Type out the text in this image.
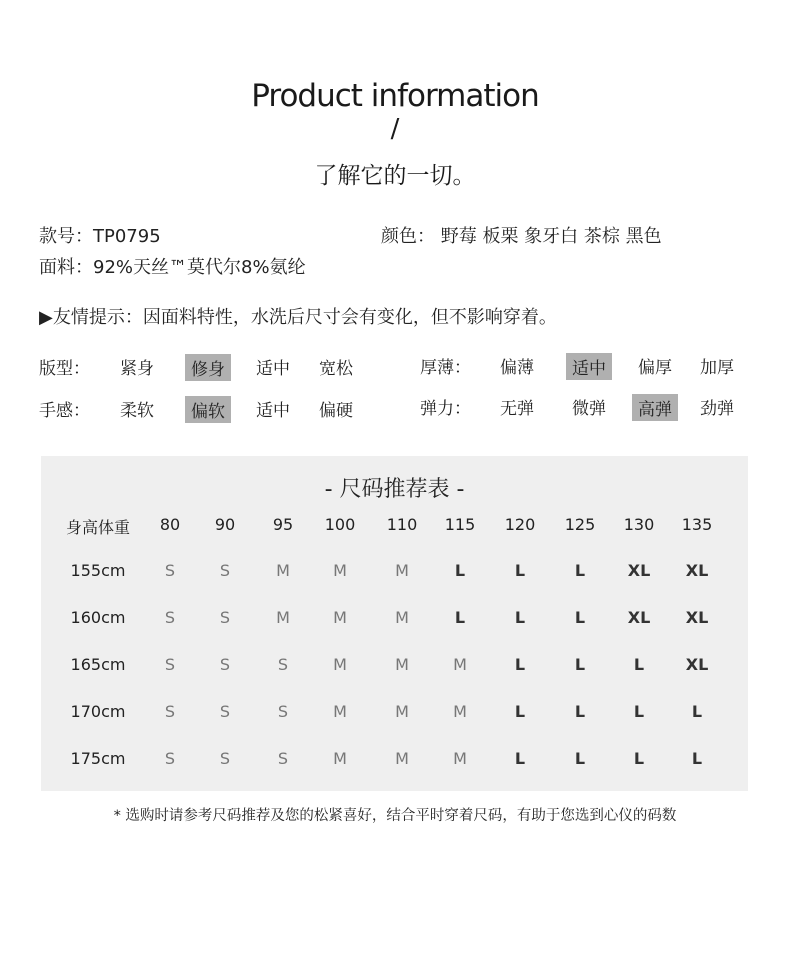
Product information
/
了解它的一切。
款号：TP0795	颜色： 野莓 板栗 象牙白 茶棕 黑色
面料：92%天丝™莫代尔8%氨纶
▶友情提示：因面料特性，水洗后尺寸会有变化，但不影响穿着。
版型： 紧身	修身	适中 宽松	厚薄： 偏薄	适中	偏厚 加厚
手感： 柔软	偏软	适中 偏硬	弹力： 无弹 微弹	高弹	劲弹
- 尺码推荐表 -
身高体重 80 90 95 100 110 115 120 125 130 135
155cm S	S	M	M	M	L	L	L	XL XL
160cm S	S	M	M	M	L	L	L	XL XL
165cm S	S	S	M	M	M	L	L	L	XL
170cm S	S	S	M	M	M	L	L	L	L
175cm S	S	S	M	M	M	L	L	L	L
* 选购时请参考尺码推荐及您的松紧喜好，结合平时穿着尺码，有助于您选到心仪的码数
